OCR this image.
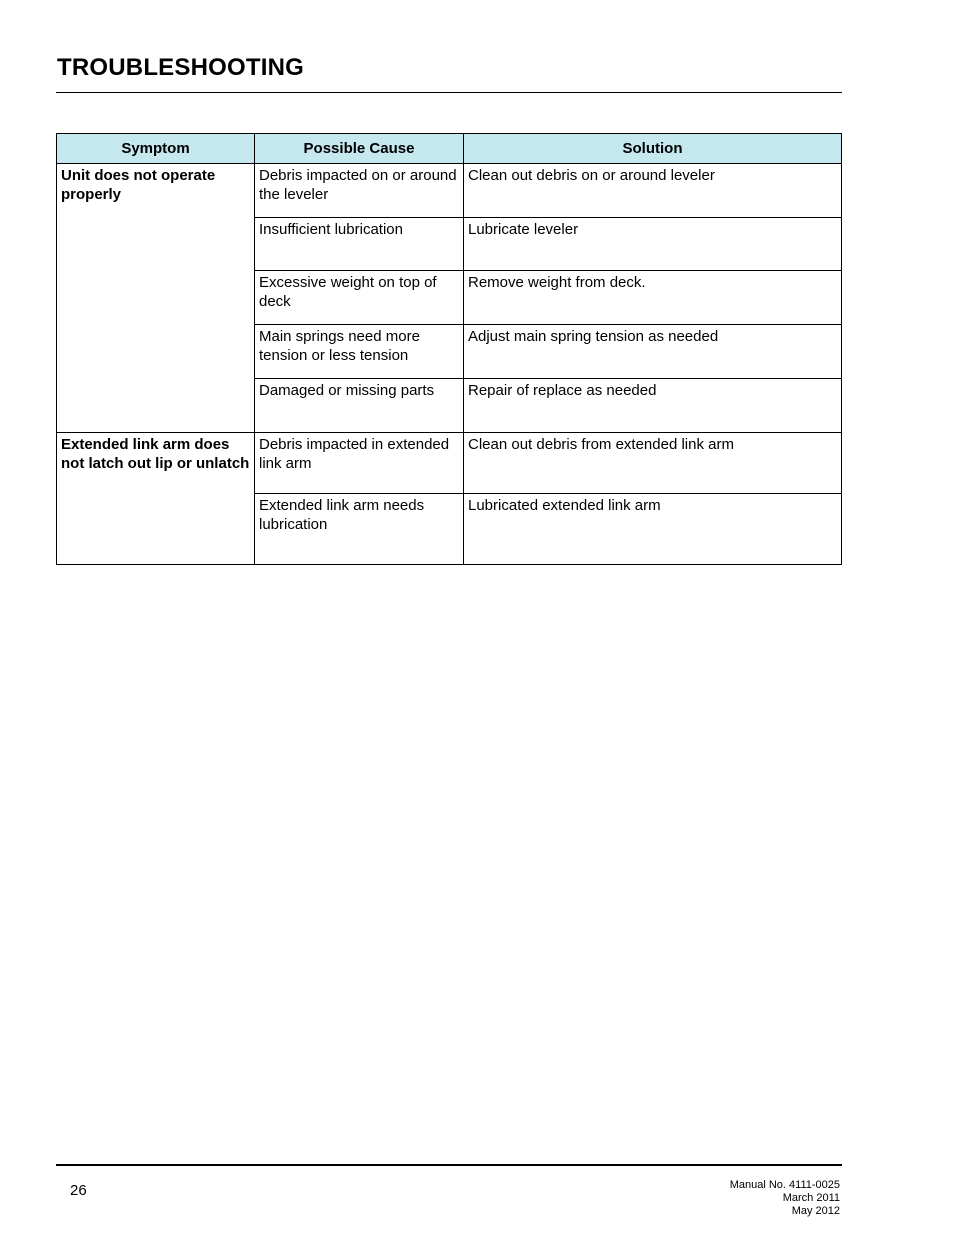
TROUBLESHOOTING
Symptom	Possible Cause	Solution

Unit does not operate properly	Debris impacted on or around the leveler	Clean out debris on or around leveler

	Insufficient lubrication	Lubricate leveler

	Excessive weight on top of deck	Remove weight from deck.

	Main springs need more tension or less tension	Adjust main spring tension as needed

	Damaged or missing parts	Repair of replace as needed

Extended link arm does not latch out lip or unlatch	Debris impacted in extended link arm	Clean out debris from extended link arm

	Extended link arm needs lubrication	Lubricated extended link arm
26	Manual No. 4111-0025
March 2011
May 2012
